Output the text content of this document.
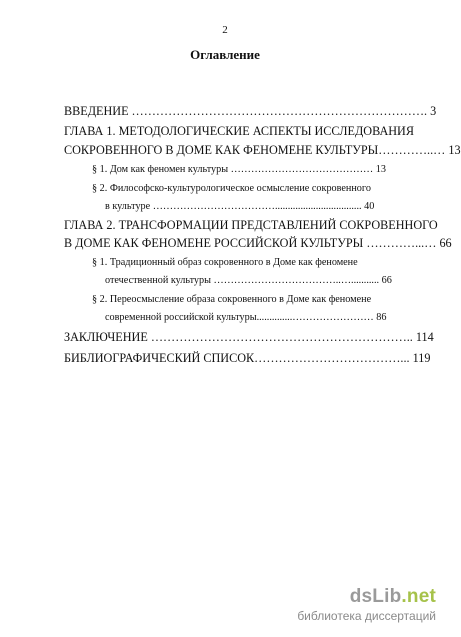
2
Оглавление
ВВЕДЕНИЕ ………………………………………………………………. 3
ГЛАВА 1. МЕТОДОЛОГИЧЕСКИЕ АСПЕКТЫ ИССЛЕДОВАНИЯ
СОКРОВЕННОГО В ДОМЕ КАК ФЕНОМЕНЕ КУЛЬТУРЫ…………..… 13
§ 1. Дом как феномен культуры …………………………………… 13
§ 2. Философско-культурологическое осмысление сокровенного
в культуре ……………………………….................................. 40
ГЛАВА 2. ТРАНСФОРМАЦИИ ПРЕДСТАВЛЕНИЙ СОКРОВЕННОГО
В ДОМЕ КАК ФЕНОМЕНЕ РОССИЙСКОЙ КУЛЬТУРЫ …………...… 66
§ 1. Традиционный образ сокровенного в Доме как феномене
отечественной культуры ………………………………..…........... 66
§ 2. Переосмысление образа сокровенного в Доме как феномене
современной российской культуры..............…………………… 86
ЗАКЛЮЧЕНИЕ ……………………………………………………….. 114
БИБЛИОГРАФИЧЕСКИЙ СПИСОК………………………………... 119
dsLib.net
библиотека диссертаций
